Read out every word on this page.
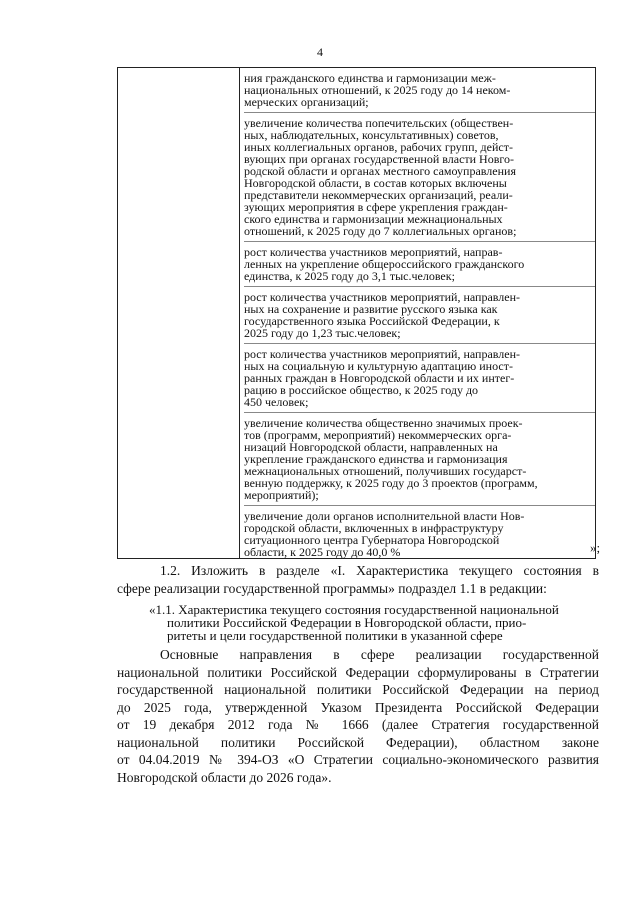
4

ния гражданского единства и гармонизации меж-
национальных отношений, к 2025 году до 14 неком-
мерческих организаций;
увеличение количества попечительских (обществен-
ных, наблюдательных, консультативных) советов,
иных коллегиальных органов, рабочих групп, дейст-
вующих при органах государственной власти Новго-
родской области и органах местного самоуправления
Новгородской области, в состав которых включены
представители некоммерческих организаций, реали-
зующих мероприятия в сфере укрепления граждан-
ского единства и гармонизации межнациональных
отношений, к 2025 году до 7 коллегиальных органов;
рост количества участников мероприятий, направ-
ленных на укрепление общероссийского гражданского
единства, к 2025 году до 3,1 тыс.человек;
рост количества участников мероприятий, направлен-
ных на сохранение и развитие русского языка как
государственного языка Российской Федерации, к
2025 году до 1,23 тыс.человек;
рост количества участников мероприятий, направлен-
ных на социальную и культурную адаптацию иност-
ранных граждан в Новгородской области и их интег-
рацию в российское общество, к 2025 году до
450 человек;
увеличение количества общественно значимых проек-
тов (программ, мероприятий) некоммерческих орга-
низаций Новгородской области, направленных на
укрепление гражданского единства и гармонизация
межнациональных отношений, получивших государст-
венную поддержку, к 2025 году до 3 проектов (программ,
мероприятий);
увеличение доли органов исполнительной власти Нов-
городской области, включенных в инфраструктуру
ситуационного центра Губернатора Новгородской
области, к 2025 году до 40,0 %	»;
1.2. Изложить в разделе «I. Характеристика текущего состояния в
сфере реализации государственной программы» подраздел 1.1 в редакции:
«1.1. Характеристика текущего состояния государственной национальной
политики Российской Федерации в Новгородской области, прио-
ритеты и цели государственной политики в указанной сфере
Основные направления в сфере реализации государственной
национальной политики Российской Федерации сформулированы в Стратегии
государственной национальной политики Российской Федерации на период
до 2025 года, утвержденной Указом Президента Российской Федерации
от 19 декабря 2012 года № 1666 (далее Стратегия государственной
национальной политики Российской Федерации), областном законе
от 04.04.2019 № 394-ОЗ «О Стратегии социально-экономического развития
Новгородской области до 2026 года».
